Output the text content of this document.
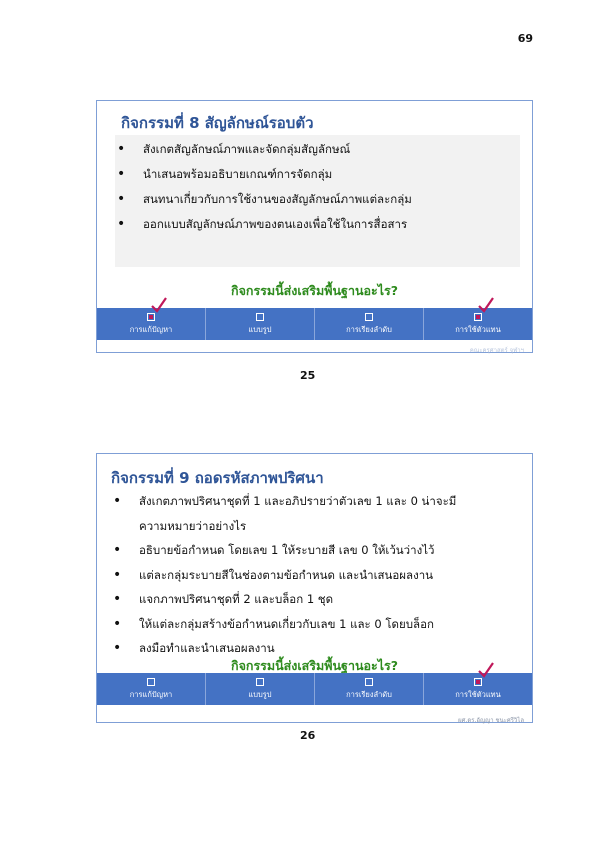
69
กิจกรรมที่ 8 สัญลักษณ์รอบตัว
• สังเกตสัญลักษณ์ภาพและจัดกลุ่มสัญลักษณ์
• นำเสนอพร้อมอธิบายเกณฑ์การจัดกลุ่ม
• สนทนาเกี่ยวกับการใช้งานของสัญลักษณ์ภาพแต่ละกลุ่ม
• ออกแบบสัญลักษณ์ภาพของตนเองเพื่อใช้ในการสื่อสาร
กิจกรรมนี้ส่งเสริมพื้นฐานอะไร?
การแก้ปัญหา	แบบรูป	การเรียงลำดับ	การใช้ตัวแทน
คณะครุศาสตร์ จุฬาฯ
25
กิจกรรมที่ 9 ถอดรหัสภาพปริศนา
• สังเกตภาพปริศนาชุดที่ 1 และอภิปรายว่าตัวเลข 1 และ 0 น่าจะมี
ความหมายว่าอย่างไร
• อธิบายข้อกำหนด โดยเลข 1 ให้ระบายสี เลข 0 ให้เว้นว่างไว้
• แต่ละกลุ่มระบายสีในช่องตามข้อกำหนด และนำเสนอผลงาน
• แจกภาพปริศนาชุดที่ 2 และบล็อก 1 ชุด
• ให้แต่ละกลุ่มสร้างข้อกำหนดเกี่ยวกับเลข 1 และ 0 โดยบล็อก
• ลงมือทำและนำเสนอผลงาน
กิจกรรมนี้ส่งเสริมพื้นฐานอะไร?
การแก้ปัญหา	แบบรูป	การเรียงลำดับ	การใช้ตัวแทน
ผศ.ดร.อัญญา ชนะศรีวิไล
26
